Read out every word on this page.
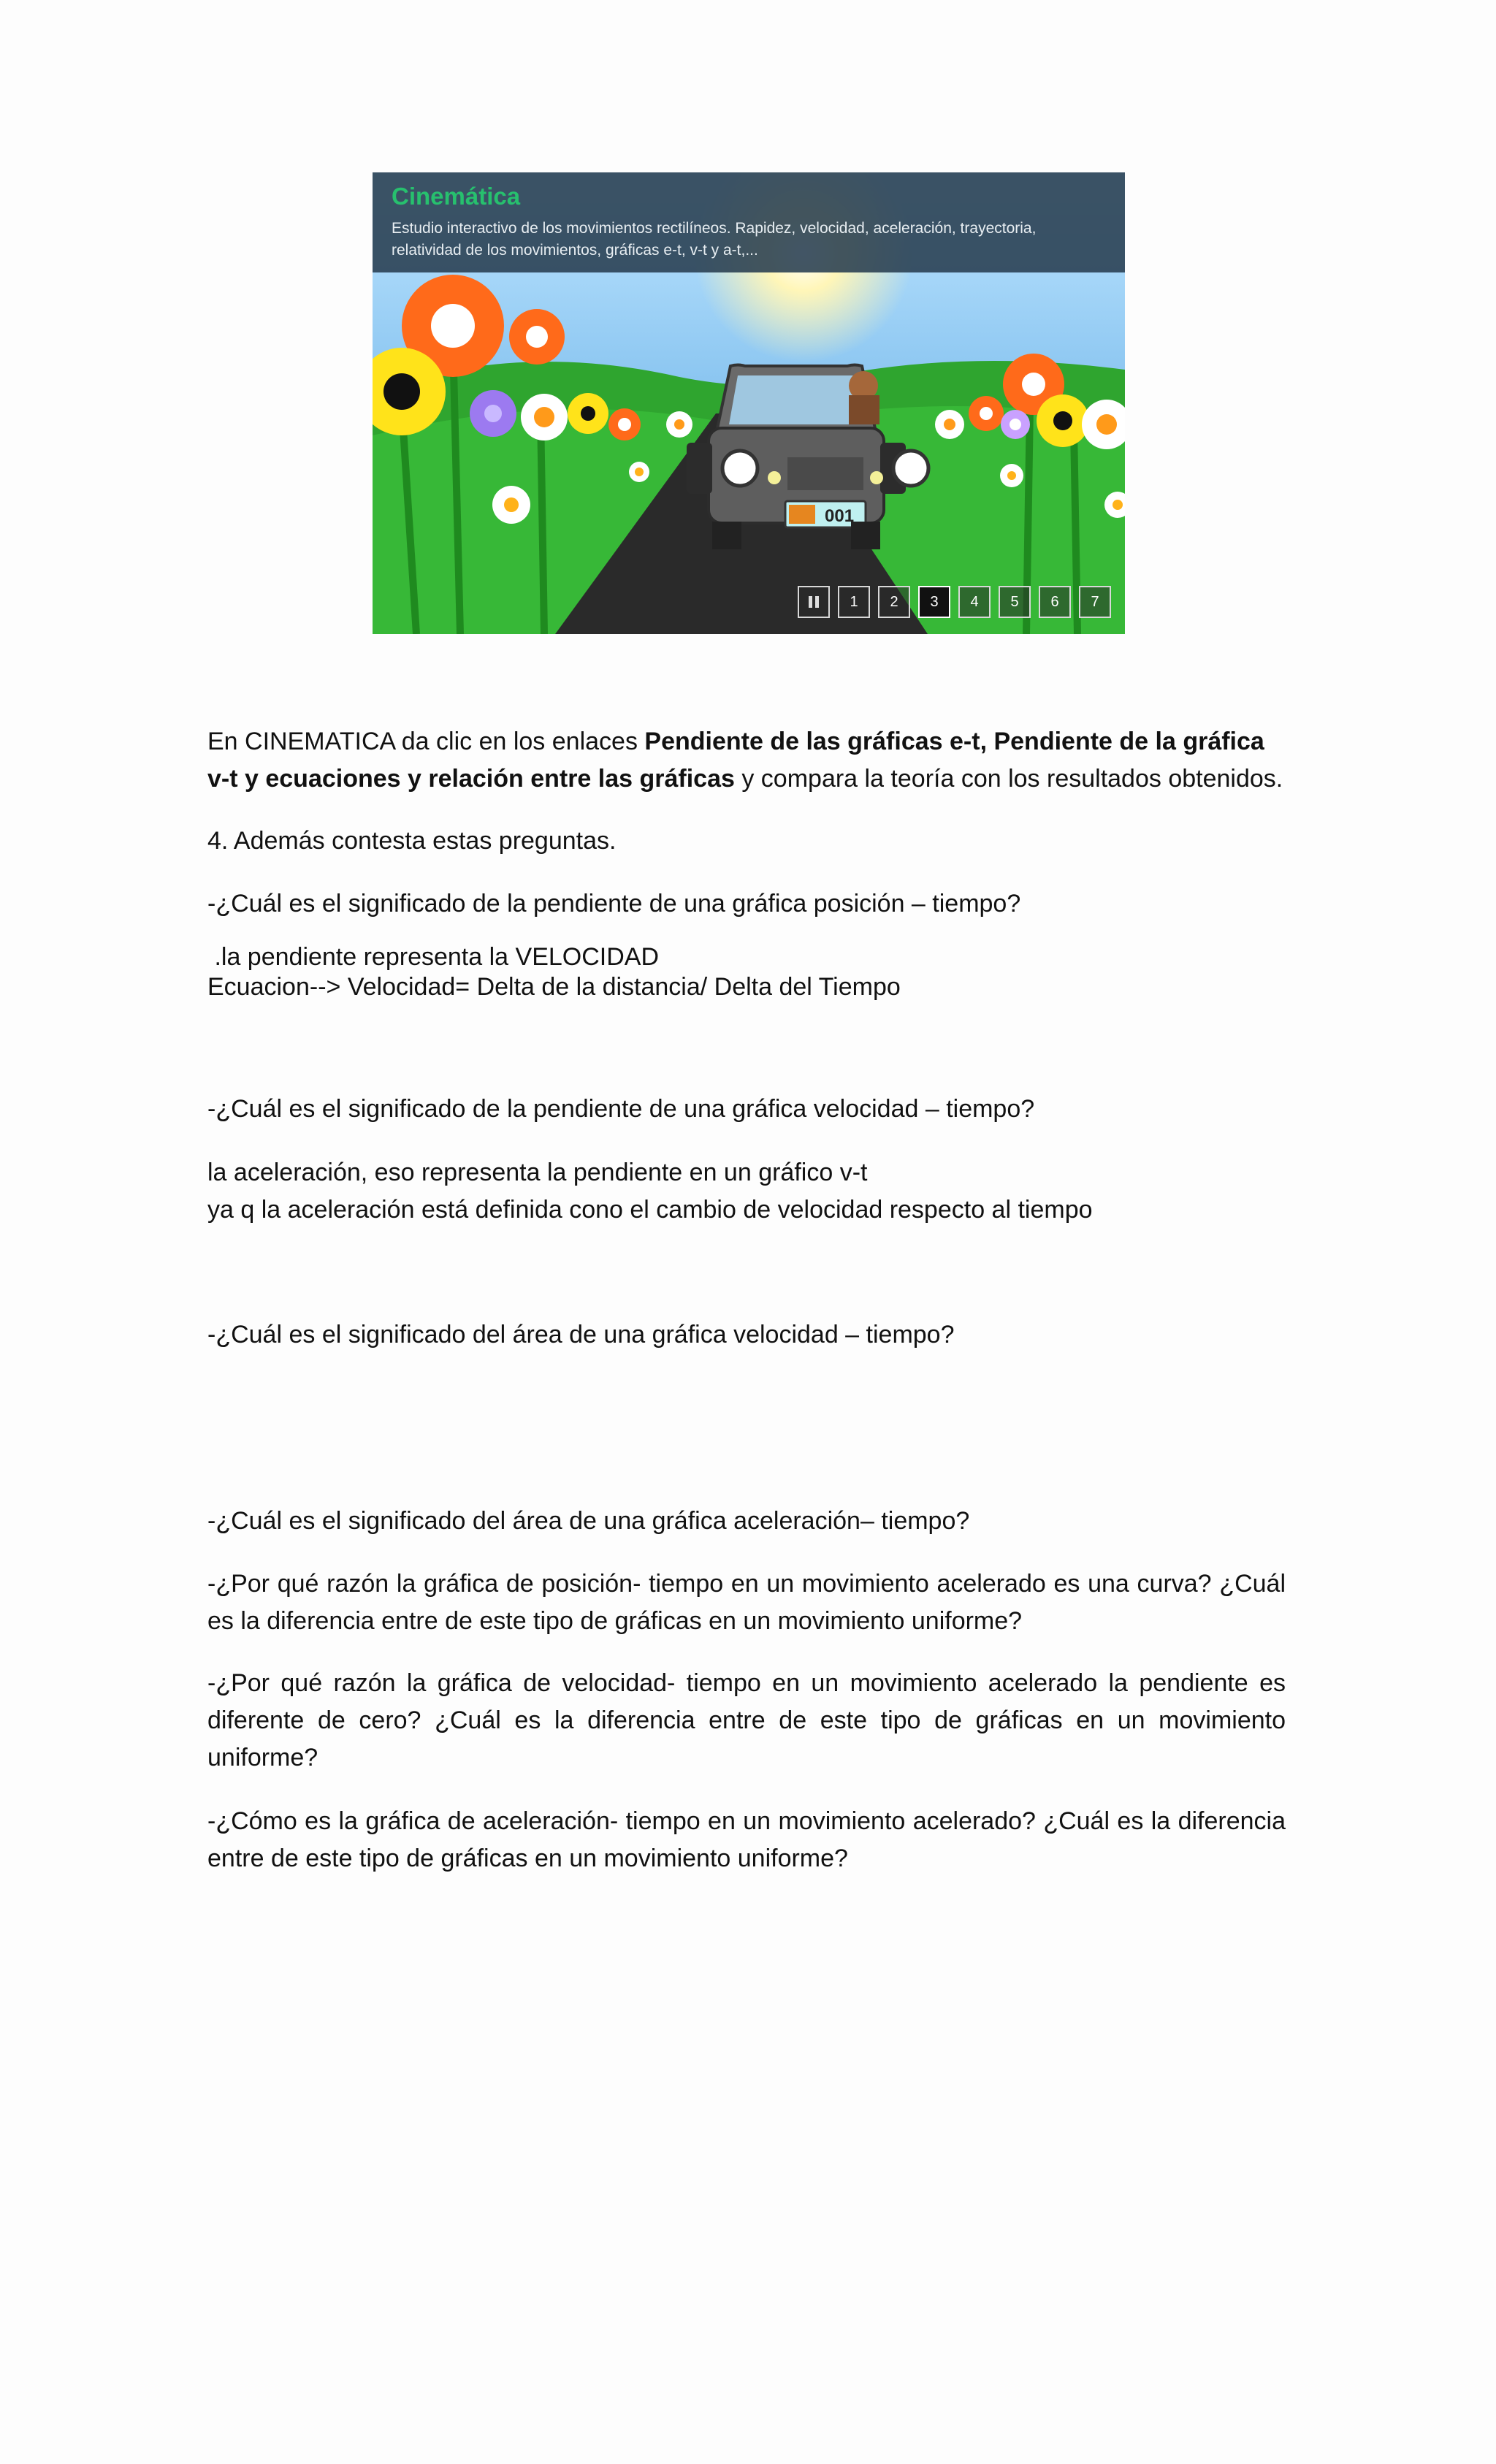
Cinemática
Estudio interactivo de los movimientos rectilíneos. Rapidez, velocidad, aceleración, trayectoria, relatividad de los movimientos, gráficas e-t, v-t y a-t,...
001
1	2	3	4	5	6	7

En CINEMATICA da clic en los enlaces Pendiente de las gráficas e-t, Pendiente de la gráfica v-t y ecuaciones y relación entre las gráficas y compara la teoría con los resultados obtenidos.

4. Además contesta estas preguntas.

-¿Cuál es el significado de la pendiente de una gráfica posición – tiempo?

.la pendiente representa la VELOCIDAD

Ecuacion--> Velocidad= Delta de la distancia/ Delta del Tiempo

-¿Cuál es el significado de la pendiente de una gráfica velocidad – tiempo?

la aceleración, eso representa la pendiente en un gráfico v-t

ya q la aceleración está definida cono el cambio de velocidad respecto al tiempo

-¿Cuál es el significado del área de una gráfica velocidad – tiempo?

-¿Cuál es el significado del área de una gráfica aceleración– tiempo?

-¿Por qué razón la gráfica de posición- tiempo en un movimiento acelerado es una curva? ¿Cuál es la diferencia entre de este tipo de gráficas en un movimiento uniforme?

-¿Por qué razón la gráfica de velocidad- tiempo en un movimiento acelerado la pendiente es diferente de cero? ¿Cuál es la diferencia entre de este tipo de gráficas en un movimiento uniforme?

-¿Cómo es la gráfica de aceleración- tiempo en un movimiento acelerado? ¿Cuál es la diferencia entre de este tipo de gráficas en un movimiento uniforme?
